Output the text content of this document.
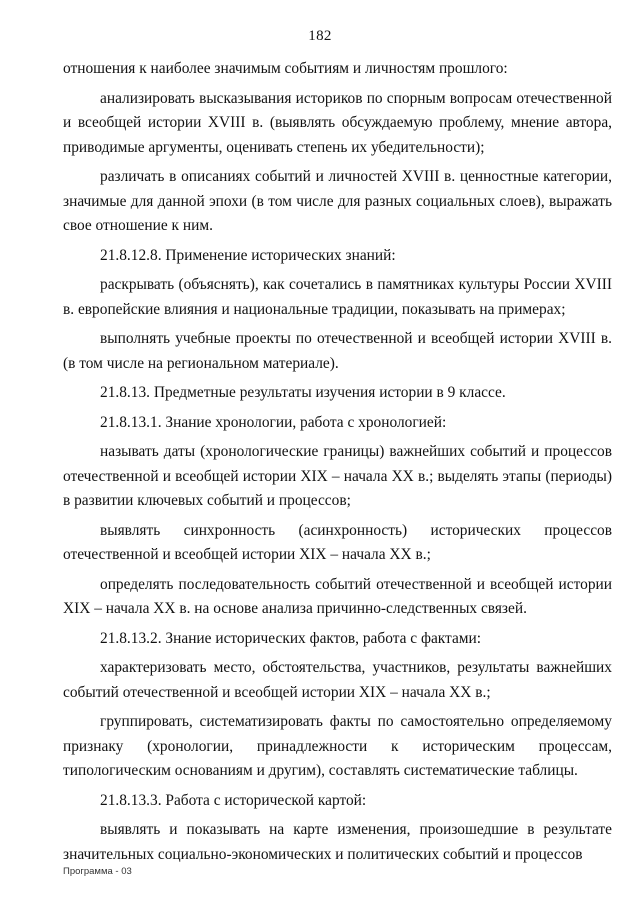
182

отношения к наиболее значимым событиям и личностям прошлого:

анализировать высказывания историков по спорным вопросам отечественной и всеобщей истории XVIII в. (выявлять обсуждаемую проблему, мнение автора, приводимые аргументы, оценивать степень их убедительности);

различать в описаниях событий и личностей XVIII в. ценностные категории, значимые для данной эпохи (в том числе для разных социальных слоев), выражать свое отношение к ним.

21.8.12.8. Применение исторических знаний:

раскрывать (объяснять), как сочетались в памятниках культуры России XVIII в. европейские влияния и национальные традиции, показывать на примерах;

выполнять учебные проекты по отечественной и всеобщей истории XVIII в. (в том числе на региональном материале).

21.8.13. Предметные результаты изучения истории в 9 классе.

21.8.13.1. Знание хронологии, работа с хронологией:

называть даты (хронологические границы) важнейших событий и процессов отечественной и всеобщей истории XIX – начала XX в.; выделять этапы (периоды) в развитии ключевых событий и процессов;

выявлять синхронность (асинхронность) исторических процессов отечественной и всеобщей истории XIX – начала XX в.;

определять последовательность событий отечественной и всеобщей истории XIX – начала XX в. на основе анализа причинно-следственных связей.

21.8.13.2. Знание исторических фактов, работа с фактами:

характеризовать место, обстоятельства, участников, результаты важнейших событий отечественной и всеобщей истории XIX – начала XX в.;

группировать, систематизировать факты по самостоятельно определяемому признаку (хронологии, принадлежности к историческим процессам, типологическим основаниям и другим), составлять систематические таблицы.

21.8.13.3. Работа с исторической картой:

выявлять и показывать на карте изменения, произошедшие в результате значительных социально-экономических и политических событий и процессов

Программа - 03
